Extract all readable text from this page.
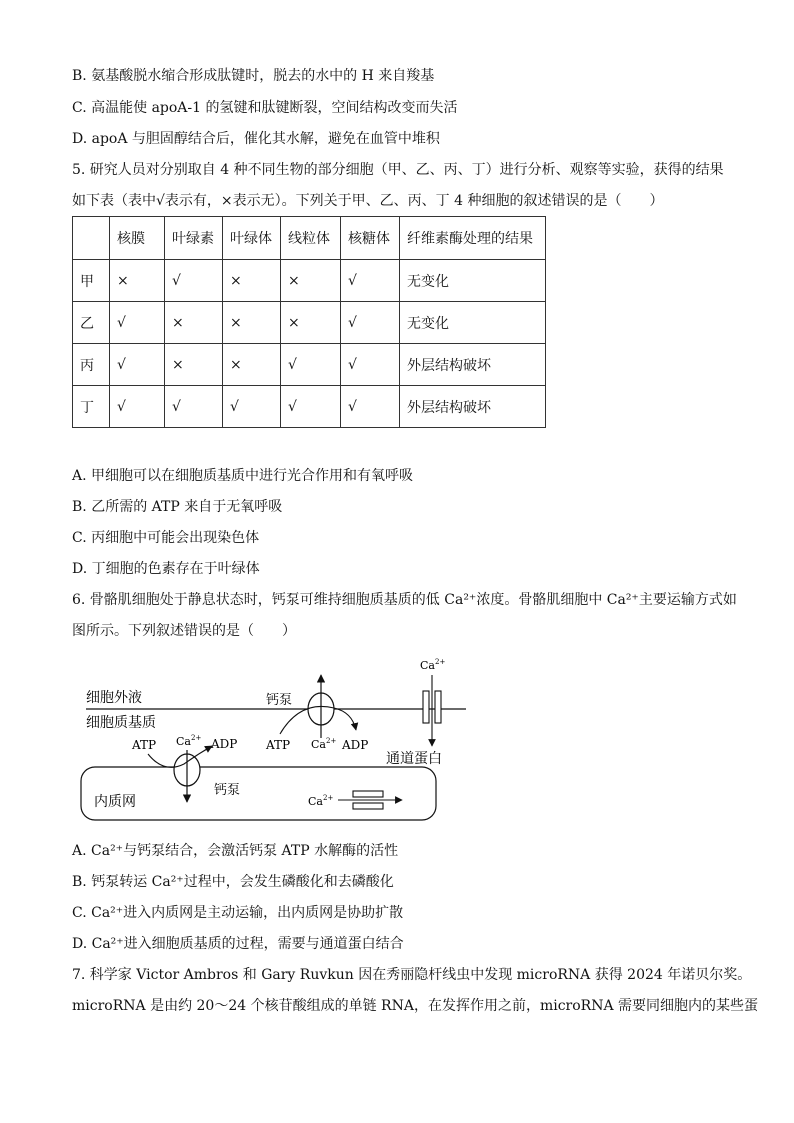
B. 氨基酸脱水缩合形成肽键时，脱去的水中的 H 来自羧基
C. 高温能使 apoA-1 的氢键和肽键断裂，空间结构改变而失活
D. apoA 与胆固醇结合后，催化其水解，避免在血管中堆积
5. 研究人员对分别取自 4 种不同生物的部分细胞（甲、乙、丙、丁）进行分析、观察等实验，获得的结果
如下表（表中√表示有，×表示无）。下列关于甲、乙、丙、丁 4 种细胞的叙述错误的是（　　）
	核膜	叶绿素	叶绿体	线粒体	核糖体	纤维素酶处理的结果
甲	×	√	×	×	√	无变化
乙	√	×	×	×	√	无变化
丙	√	×	×	√	√	外层结构破坏
丁	√	√	√	√	√	外层结构破坏
A. 甲细胞可以在细胞质基质中进行光合作用和有氧呼吸
B. 乙所需的 ATP 来自于无氧呼吸
C. 丙细胞中可能会出现染色体
D. 丁细胞的色素存在于叶绿体
6. 骨骼肌细胞处于静息状态时，钙泵可维持细胞质基质的低 Ca²⁺浓度。骨骼肌细胞中 Ca²⁺主要运输方式如
图所示。下列叙述错误的是（　　）
细胞外液
细胞质基质
钙泵
ATP $Ca^{2+}$ ADP
$Ca^{2+}$
通道蛋白
内质网
ATP $Ca^{2+}$ ADP
钙泵
$Ca^{2+}$
A. Ca²⁺与钙泵结合，会激活钙泵 ATP 水解酶的活性
B. 钙泵转运 Ca²⁺过程中，会发生磷酸化和去磷酸化
C. Ca²⁺进入内质网是主动运输，出内质网是协助扩散
D. Ca²⁺进入细胞质基质的过程，需要与通道蛋白结合
7. 科学家 Victor Ambros 和 Gary Ruvkun 因在秀丽隐杆线虫中发现 microRNA 获得 2024 年诺贝尔奖。
microRNA 是由约 20～24 个核苷酸组成的单链 RNA，在发挥作用之前，microRNA 需要同细胞内的某些蛋
